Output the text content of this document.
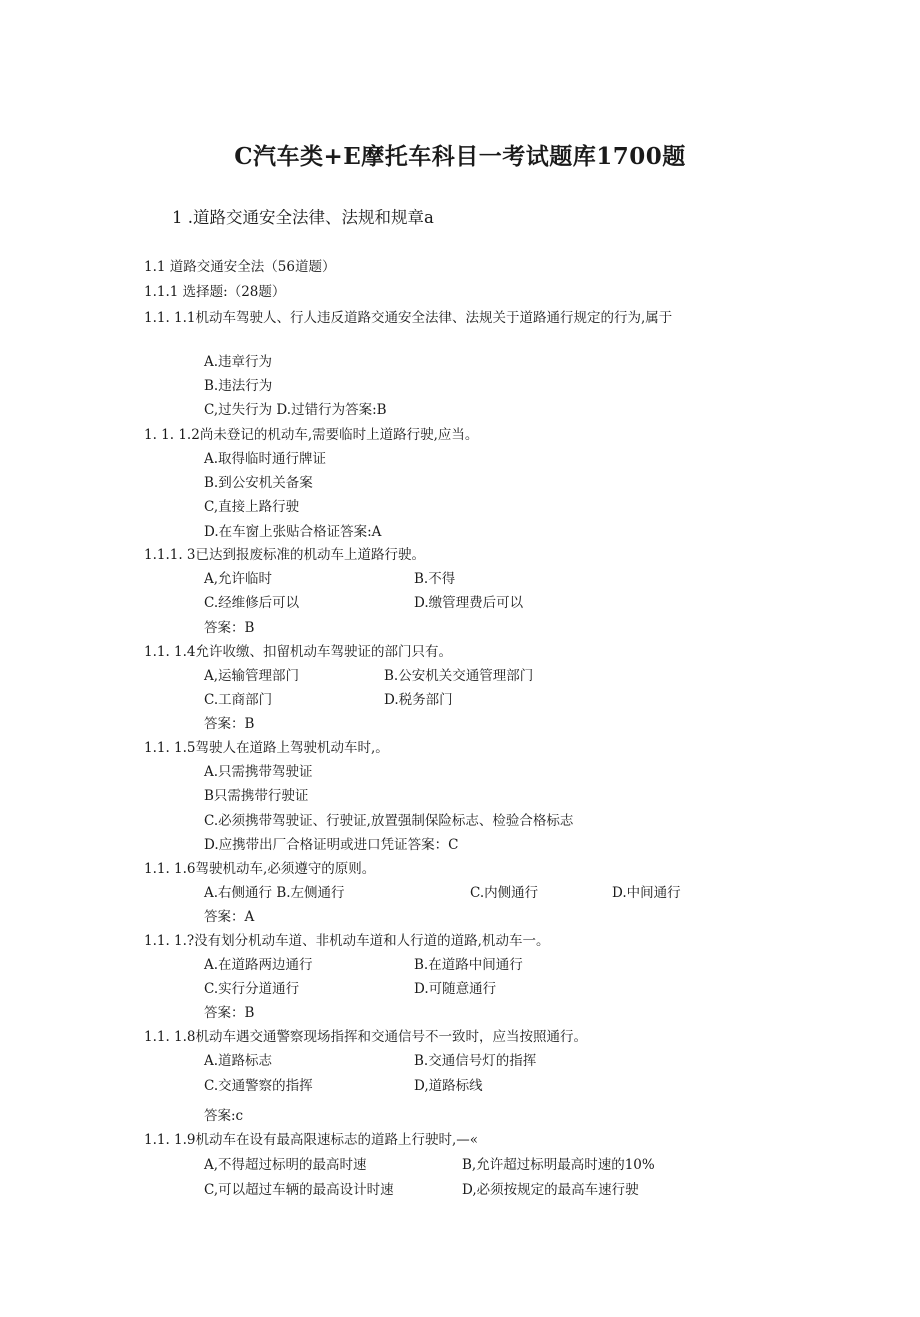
C汽车类+E摩托车科目一考试题库1700题
1 .道路交通安全法律、法规和规章a
1.1 道路交通安全法（56道题）
1.1.1 选择题:（28题）
1.1. 1.1机动车驾驶人、行人违反道路交通安全法律、法规关于道路通行规定的行为,属于
A.违章行为
B.违法行为
C,过失行为 D.过错行为答案:B
1. 1. 1.2尚未登记的机动车,需要临时上道路行驶,应当。
A.取得临时通行牌证
B.到公安机关备案
C,直接上路行驶
D.在车窗上张贴合格证答案:A
1.1.1. 3已达到报废标准的机动车上道路行驶。
A,允许临时	B.不得
C.经维修后可以	D.缴管理费后可以
答案：B
1.1. 1.4允许收缴、扣留机动车驾驶证的部门只有。
A,运输管理部门	B.公安机关交通管理部门
C.工商部门	D.税务部门
答案：B
1.1. 1.5驾驶人在道路上驾驶机动车时,。
A.只需携带驾驶证
B只需携带行驶证
C.必须携带驾驶证、行驶证,放置强制保险标志、检验合格标志
D.应携带出厂合格证明或进口凭证答案：C
1.1. 1.6驾驶机动车,必须遵守的原则。
A.右侧通行 B.左侧通行	C.内侧通行	D.中间通行
答案：A
1.1. 1.?没有划分机动车道、非机动车道和人行道的道路,机动车一。
A.在道路两边通行	B.在道路中间通行
C.实行分道通行	D.可随意通行
答案：B
1.1. 1.8机动车遇交通警察现场指挥和交通信号不一致时，应当按照通行。
A.道路标志	B.交通信号灯的指挥
C.交通警察的指挥	D,道路标线
答案:c
1.1. 1.9机动车在设有最高限速标志的道路上行驶时,—«
A,不得超过标明的最高时速	B,允许超过标明最高时速的10%
C,可以超过车辆的最高设计时速	D,必须按规定的最高车速行驶
